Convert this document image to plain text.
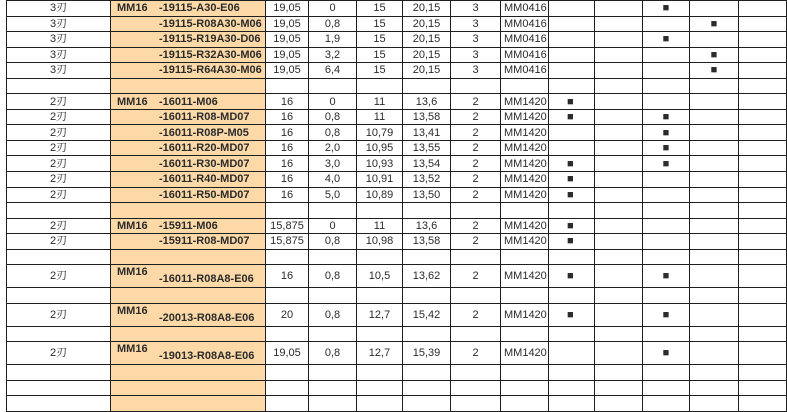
3刃	MM16 -19115-A30-E06	19,05	0	15	20,15	3	MM0416			■		
3刃	-19115-R08A30-M06	19,05	0,8	15	20,15	3	MM0416				■	
3刃	-19115-R19A30-D06	19,05	1,9	15	20,15	3	MM0416			■		
3刃	-19115-R32A30-M06	19,05	3,2	15	20,15	3	MM0416				■	
3刃	-19115-R64A30-M06	19,05	6,4	15	20,15	3	MM0416				■	

2刃	MM16 -16011-M06	16	0	11	13,6	2	MM1420	■				
2刃	-16011-R08-MD07	16	0,8	11	13,58	2	MM1420	■		■		
2刃	-16011-R08P-M05	16	0,8	10,79	13,41	2	MM1420			■		
2刃	-16011-R20-MD07	16	2,0	10,95	13,55	2	MM1420			■		
2刃	-16011-R30-MD07	16	3,0	10,93	13,54	2	MM1420	■		■		
2刃	-16011-R40-MD07	16	4,0	10,91	13,52	2	MM1420	■				
2刃	-16011-R50-MD07	16	5,0	10,89	13,50	2	MM1420	■				

2刃	MM16 -15911-M06	15,875	0	11	13,6	2	MM1420	■				
2刃	-15911-R08-MD07	15,875	0,8	10,98	13,58	2	MM1420	■				

2刃	MM16-16011-R08A8-E06	16	0,8	10,5	13,62	2	MM1420	■		■		

2刃	MM16-20013-R08A8-E06	20	0,8	12,7	15,42	2	MM1420	■		■		

2刃	MM16-19013-R08A8-E06	19,05	0,8	12,7	15,39	2	MM1420			■		
